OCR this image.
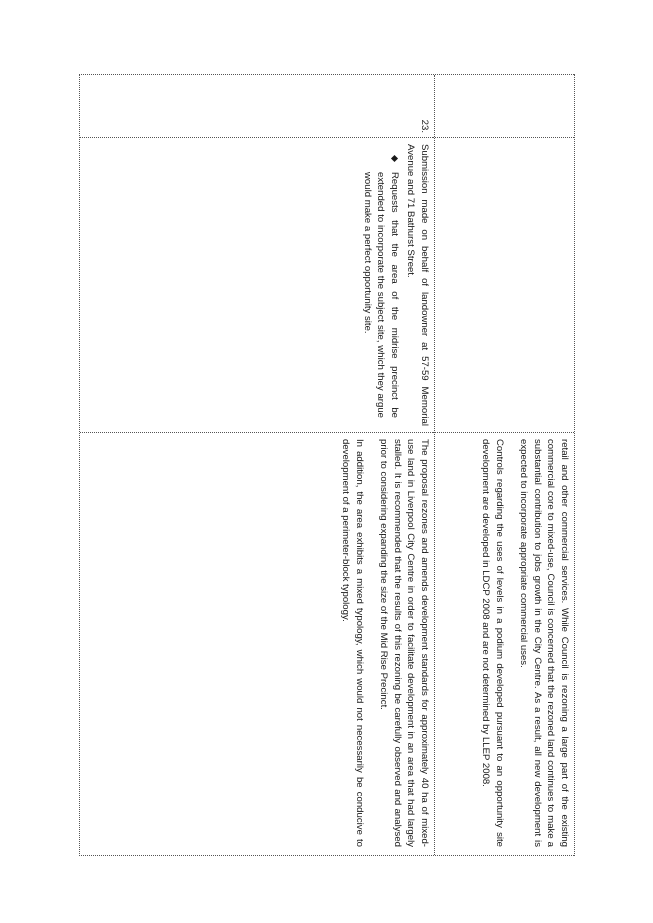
retail and other commercial services. While Council is rezoning a large part of the existing commercial core to mixed-use, Council is concerned that the rezoned land continues to make a substantial contribution to jobs growth in the City Centre. As a result, all new development is expected to incorporate appropriate commercial uses.

Controls regarding the uses of levels in a podium developed pursuant to an opportunity site development are developed in LDCP 2008 and are not determined by LLEP 2008.

23.

Submission made on behalf of landowner at 57-59 Memorial Avenue and 71 Bathurst Street.

Requests that the area of the midrise precinct be extended to incorporate the subject site, which they argue would make a perfect opportunity site.

The proposal rezones and amends development standards for approximately 40 ha of mixed-use land in Liverpool City Centre in order to facilitate development in an area that had largely stalled. It is recommended that the results of this rezoning be carefully observed and analysed prior to considering expanding the size of the Mid Rise Precinct.

In addition, the area exhibits a mixed typology, which would not necessarily be conducive to development of a perimeter-block typology.
